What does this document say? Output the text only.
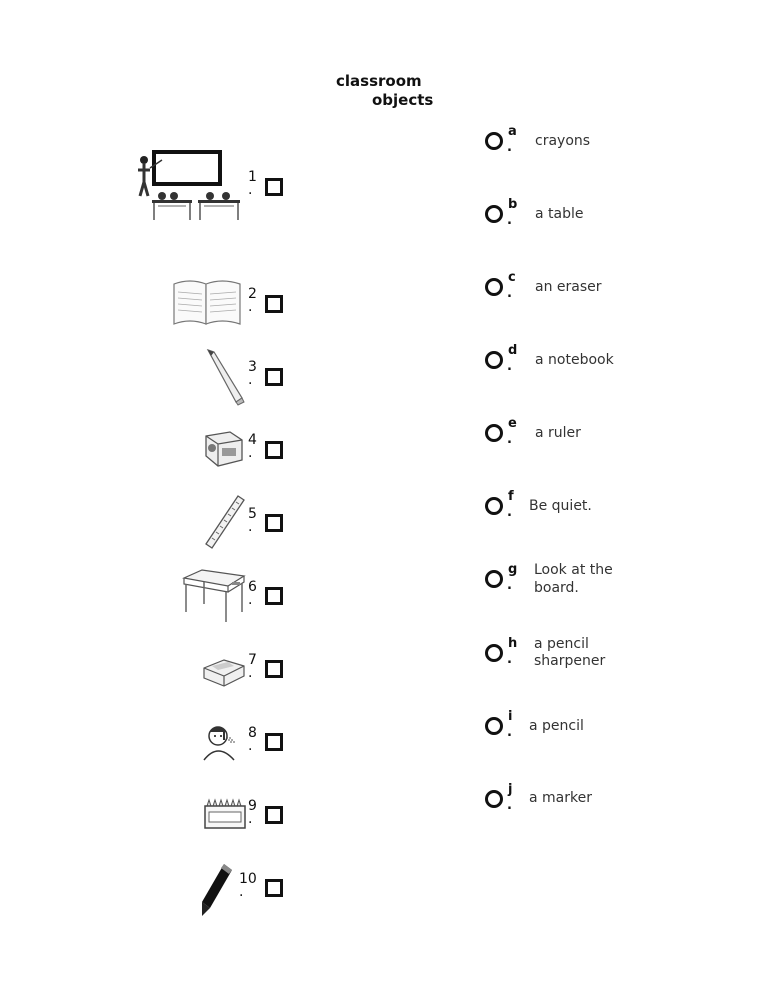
classroom
objects
1
.
2
.
3
.
4
.
5
.
6
.
7
.
8
.
9
.
10
.
a
. crayons
b
. a table
c
. an eraser
d
. a notebook
e
. a ruler
f
. Be quiet.
g
.
Look at the
board.
h
.
a pencil
sharpener
i
. a pencil
j
. a marker
